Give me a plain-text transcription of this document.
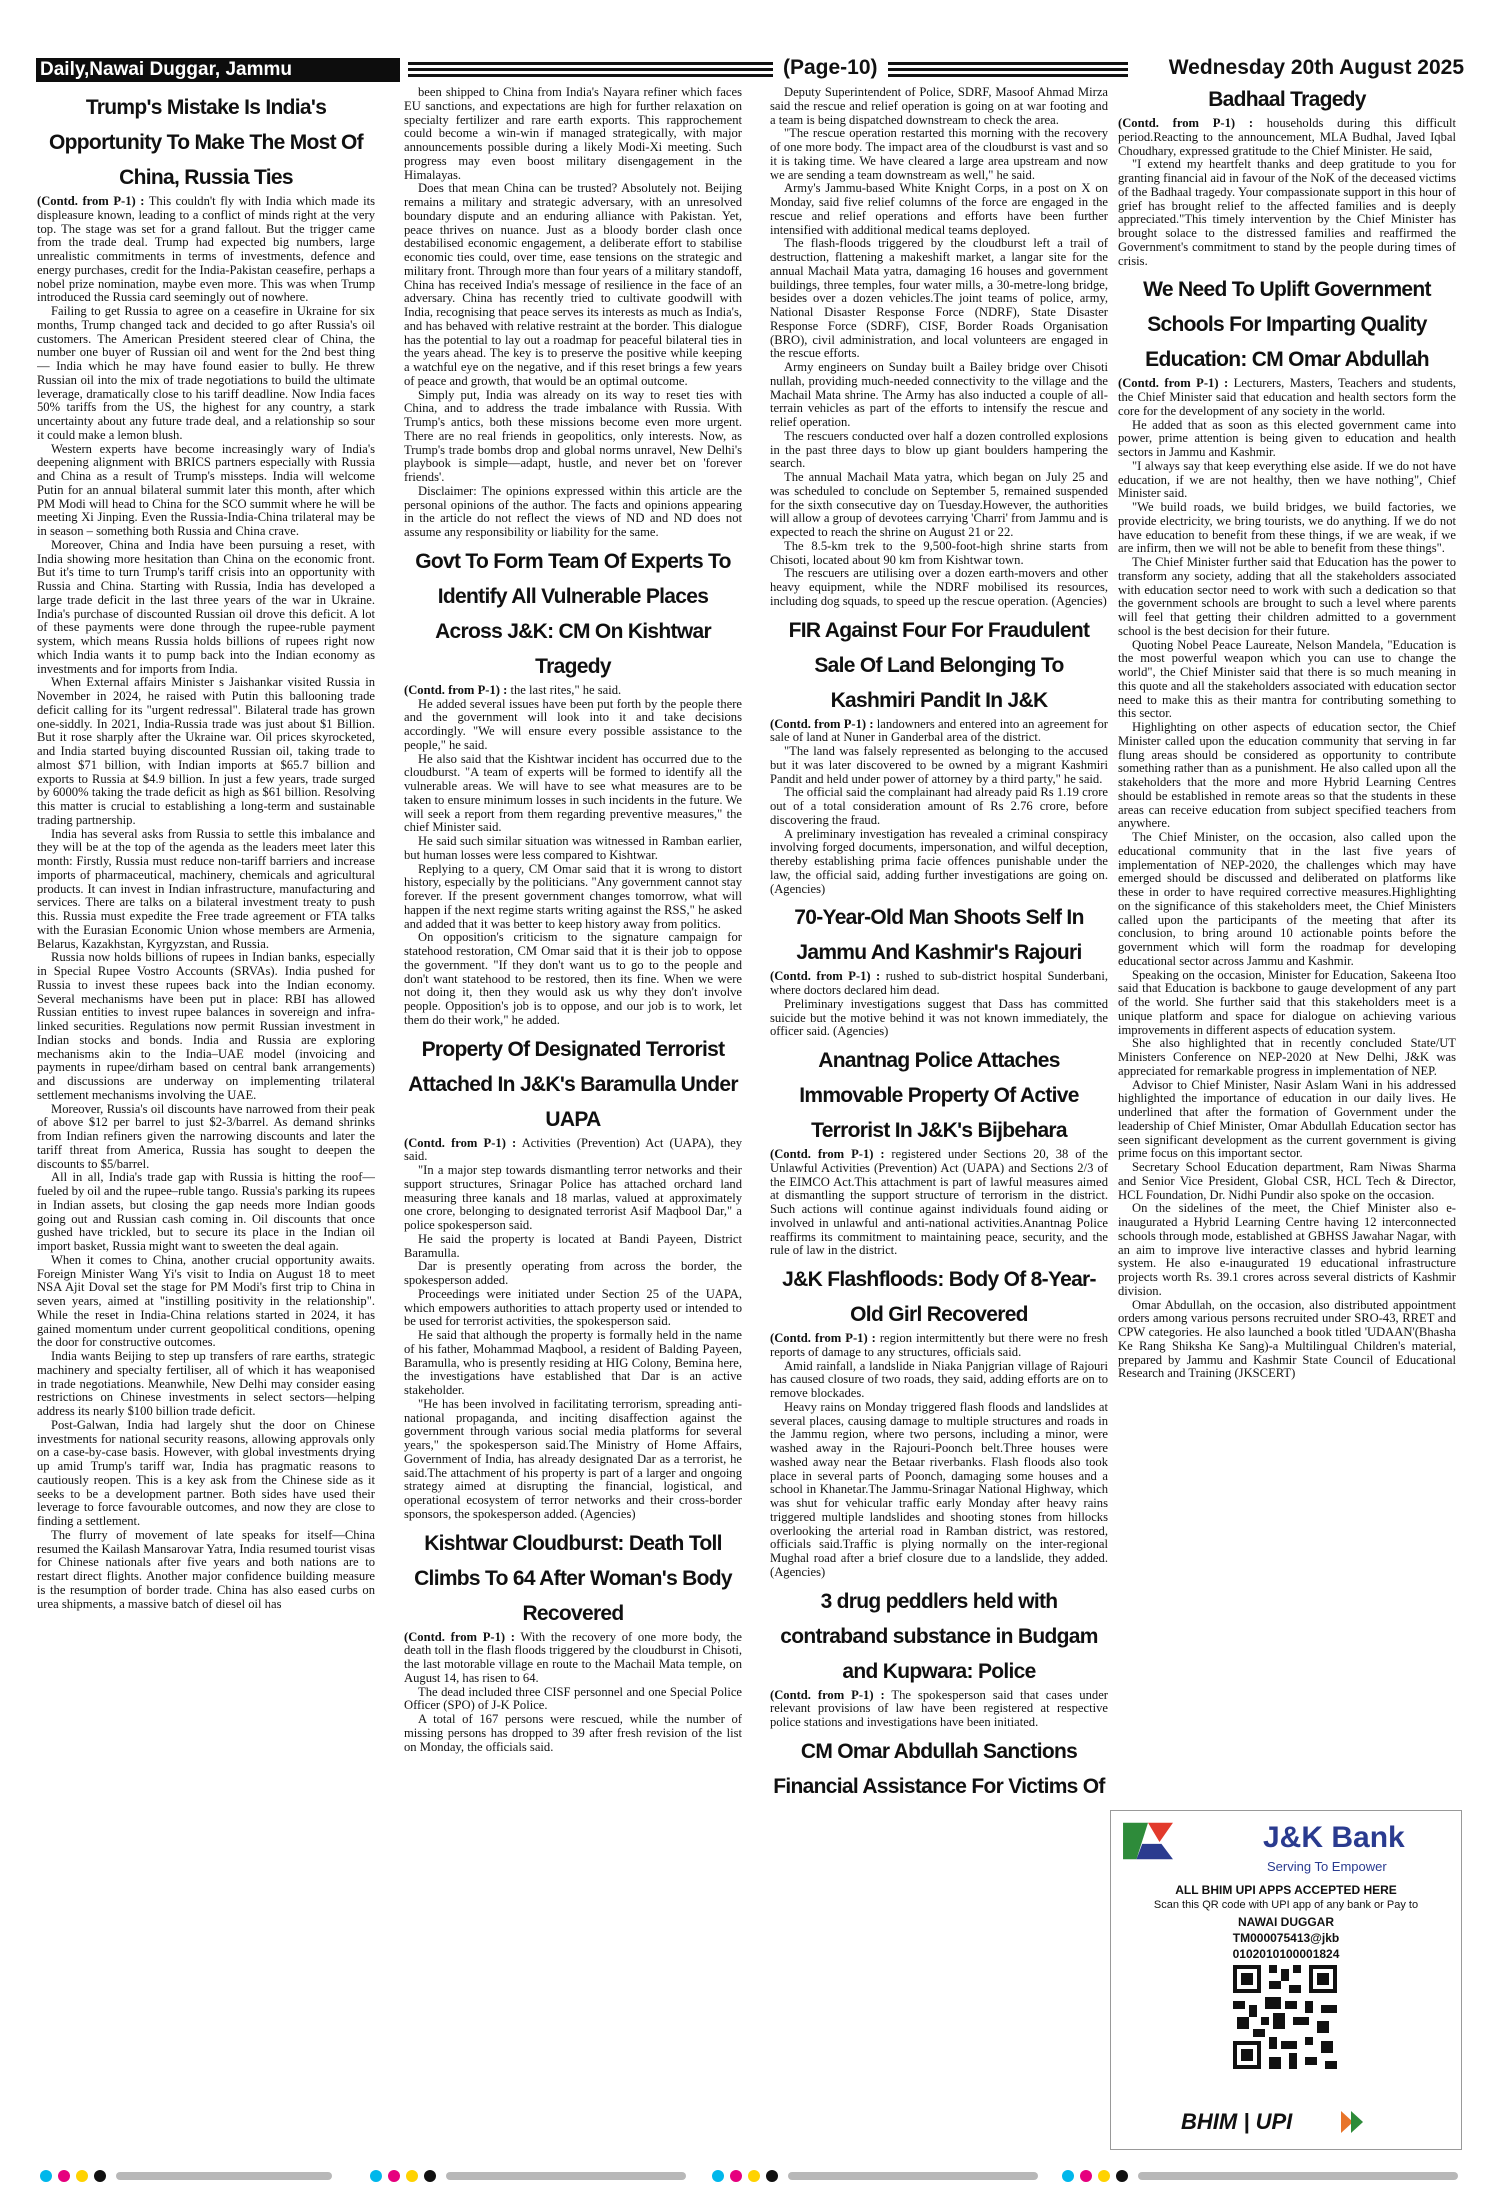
Daily,Nawai Duggar, Jammu	(Page-10)	Wednesday 20th August 2025
Trump's Mistake Is India's Opportunity To Make The Most Of China, Russia Ties

(Contd. from P-1) : This couldn't fly with India which made its displeasure known, leading to a conflict of minds right at the very top. The stage was set for a grand fallout. But the trigger came from the trade deal. Trump had expected big numbers, large unrealistic commitments in terms of investments, defence and energy purchases, credit for the India-Pakistan ceasefire, perhaps a nobel prize nomination, maybe even more. This was when Trump introduced the Russia card seemingly out of nowhere.

Failing to get Russia to agree on a ceasefire in Ukraine for six months, Trump changed tack and decided to go after Russia's oil customers. The American President steered clear of China, the number one buyer of Russian oil and went for the 2nd best thing — India which he may have found easier to bully. He threw Russian oil into the mix of trade negotiations to build the ultimate leverage, dramatically close to his tariff deadline. Now India faces 50% tariffs from the US, the highest for any country, a stark uncertainty about any future trade deal, and a relationship so sour it could make a lemon blush.

Western experts have become increasingly wary of India's deepening alignment with BRICS partners especially with Russia and China as a result of Trump's missteps. India will welcome Putin for an annual bilateral summit later this month, after which PM Modi will head to China for the SCO summit where he will be meeting Xi Jinping. Even the Russia-India-China trilateral may be in season – something both Russia and China crave.

Moreover, China and India have been pursuing a reset, with India showing more hesitation than China on the economic front. But it's time to turn Trump's tariff crisis into an opportunity with Russia and China. Starting with Russia, India has developed a large trade deficit in the last three years of the war in Ukraine. India's purchase of discounted Russian oil drove this deficit. A lot of these payments were done through the rupee-ruble payment system, which means Russia holds billions of rupees right now which India wants it to pump back into the Indian economy as investments and for imports from India.

When External affairs Minister s Jaishankar visited Russia in November in 2024, he raised with Putin this ballooning trade deficit calling for its "urgent redressal". Bilateral trade has grown one-siddly. In 2021, India-Russia trade was just about $1 Billion. But it rose sharply after the Ukraine war. Oil prices skyrocketed, and India started buying discounted Russian oil, taking trade to almost $71 billion, with Indian imports at $65.7 billion and exports to Russia at $4.9 billion. In just a few years, trade surged by 6000% taking the trade deficit as high as $61 billion. Resolving this matter is crucial to establishing a long-term and sustainable trading partnership.

India has several asks from Russia to settle this imbalance and they will be at the top of the agenda as the leaders meet later this month: Firstly, Russia must reduce non-tariff barriers and increase imports of pharmaceutical, machinery, chemicals and agricultural products. It can invest in Indian infrastructure, manufacturing and services. There are talks on a bilateral investment treaty to push this. Russia must expedite the Free trade agreement or FTA talks with the Eurasian Economic Union whose members are Armenia, Belarus, Kazakhstan, Kyrgyzstan, and Russia.

Russia now holds billions of rupees in Indian banks, especially in Special Rupee Vostro Accounts (SRVAs). India pushed for Russia to invest these rupees back into the Indian economy. Several mechanisms have been put in place: RBI has allowed Russian entities to invest rupee balances in sovereign and infra-linked securities. Regulations now permit Russian investment in Indian stocks and bonds. India and Russia are exploring mechanisms akin to the India–UAE model (invoicing and payments in rupee/dirham based on central bank arrangements) and discussions are underway on implementing trilateral settlement mechanisms involving the UAE.

Moreover, Russia's oil discounts have narrowed from their peak of above $12 per barrel to just $2-3/barrel. As demand shrinks from Indian refiners given the narrowing discounts and later the tariff threat from America, Russia has sought to deepen the discounts to $5/barrel.

All in all, India's trade gap with Russia is hitting the roof—fueled by oil and the rupee–ruble tango. Russia's parking its rupees in Indian assets, but closing the gap needs more Indian goods going out and Russian cash coming in. Oil discounts that once gushed have trickled, but to secure its place in the Indian oil import basket, Russia might want to sweeten the deal again.

When it comes to China, another crucial opportunity awaits. Foreign Minister Wang Yi's visit to India on August 18 to meet NSA Ajit Doval set the stage for PM Modi's first trip to China in seven years, aimed at "instilling positivity in the relationship". While the reset in India-China relations started in 2024, it has gained momentum under current geopolitical conditions, opening the door for constructive outcomes.

India wants Beijing to step up transfers of rare earths, strategic machinery and specialty fertiliser, all of which it has weaponised in trade negotiations. Meanwhile, New Delhi may consider easing restrictions on Chinese investments in select sectors—helping address its nearly $100 billion trade deficit.

Post-Galwan, India had largely shut the door on Chinese investments for national security reasons, allowing approvals only on a case-by-case basis. However, with global investments drying up amid Trump's tariff war, India has pragmatic reasons to cautiously reopen. This is a key ask from the Chinese side as it seeks to be a development partner. Both sides have used their leverage to force favourable outcomes, and now they are close to finding a settlement.

The flurry of movement of late speaks for itself—China resumed the Kailash Mansarovar Yatra, India resumed tourist visas for Chinese nationals after five years and both nations are to restart direct flights. Another major confidence building measure is the resumption of border trade. China has also eased curbs on urea shipments, a massive batch of diesel oil has

been shipped to China from India's Nayara refiner which faces EU sanctions, and expectations are high for further relaxation on specialty fertilizer and rare earth exports. This rapprochement could become a win-win if managed strategically, with major announcements possible during a likely Modi-Xi meeting. Such progress may even boost military disengagement in the Himalayas.

Does that mean China can be trusted? Absolutely not. Beijing remains a military and strategic adversary, with an unresolved boundary dispute and an enduring alliance with Pakistan. Yet, peace thrives on nuance. Just as a bloody border clash once destabilised economic engagement, a deliberate effort to stabilise economic ties could, over time, ease tensions on the strategic and military front. Through more than four years of a military standoff, China has received India's message of resilience in the face of an adversary. China has recently tried to cultivate goodwill with India, recognising that peace serves its interests as much as India's, and has behaved with relative restraint at the border. This dialogue has the potential to lay out a roadmap for peaceful bilateral ties in the years ahead. The key is to preserve the positive while keeping a watchful eye on the negative, and if this reset brings a few years of peace and growth, that would be an optimal outcome.

Simply put, India was already on its way to reset ties with China, and to address the trade imbalance with Russia. With Trump's antics, both these missions become even more urgent. There are no real friends in geopolitics, only interests. Now, as Trump's trade bombs drop and global norms unravel, New Delhi's playbook is simple—adapt, hustle, and never bet on 'forever friends'.

Disclaimer: The opinions expressed within this article are the personal opinions of the author. The facts and opinions appearing in the article do not reflect the views of ND and ND does not assume any responsibility or liability for the same.

Govt To Form Team Of Experts To Identify All Vulnerable Places Across J&K: CM On Kishtwar Tragedy

(Contd. from P-1) : the last rites," he said.

He added several issues have been put forth by the people there and the government will look into it and take decisions accordingly. "We will ensure every possible assistance to the people," he said.

He also said that the Kishtwar incident has occurred due to the cloudburst. "A team of experts will be formed to identify all the vulnerable areas. We will have to see what measures are to be taken to ensure minimum losses in such incidents in the future. We will seek a report from them regarding preventive measures," the chief Minister said.

He said such similar situation was witnessed in Ramban earlier, but human losses were less compared to Kishtwar.

Replying to a query, CM Omar said that it is wrong to distort history, especially by the politicians. "Any government cannot stay forever. If the present government changes tomorrow, what will happen if the next regime starts writing against the RSS," he asked and added that it was better to keep history away from politics.

On opposition's criticism to the signature campaign for statehood restoration, CM Omar said that it is their job to oppose the government. "If they don't want us to go to the people and don't want statehood to be restored, then its fine. When we were not doing it, then they would ask us why they don't involve people. Opposition's job is to oppose, and our job is to work, let them do their work," he added.

Property Of Designated Terrorist Attached In J&K's Baramulla Under UAPA

(Contd. from P-1) : Activities (Prevention) Act (UAPA), they said.

"In a major step towards dismantling terror networks and their support structures, Srinagar Police has attached orchard land measuring three kanals and 18 marlas, valued at approximately one crore, belonging to designated terrorist Asif Maqbool Dar," a police spokesperson said.

He said the property is located at Bandi Payeen, District Baramulla.

Dar is presently operating from across the border, the spokesperson added.

Proceedings were initiated under Section 25 of the UAPA, which empowers authorities to attach property used or intended to be used for terrorist activities, the spokesperson said.

He said that although the property is formally held in the name of his father, Mohammad Maqbool, a resident of Balding Payeen, Baramulla, who is presently residing at HIG Colony, Bemina here, the investigations have established that Dar is an active stakeholder.

"He has been involved in facilitating terrorism, spreading anti-national propaganda, and inciting disaffection against the government through various social media platforms for several years," the spokesperson said.The Ministry of Home Affairs, Government of India, has already designated Dar as a terrorist, he said.The attachment of his property is part of a larger and ongoing strategy aimed at disrupting the financial, logistical, and operational ecosystem of terror networks and their cross-border sponsors, the spokesperson added. (Agencies)

Kishtwar Cloudburst: Death Toll Climbs To 64 After Woman's Body Recovered

(Contd. from P-1) : With the recovery of one more body, the death toll in the flash floods triggered by the cloudburst in Chisoti, the last motorable village en route to the Machail Mata temple, on August 14, has risen to 64.

The dead included three CISF personnel and one Special Police Officer (SPO) of J-K Police.

A total of 167 persons were rescued, while the number of missing persons has dropped to 39 after fresh revision of the list on Monday, the officials said.

Deputy Superintendent of Police, SDRF, Masoof Ahmad Mirza said the rescue and relief operation is going on at war footing and a team is being dispatched downstream to check the area.

"The rescue operation restarted this morning with the recovery of one more body. The impact area of the cloudburst is vast and so it is taking time. We have cleared a large area upstream and now we are sending a team downstream as well," he said.

Army's Jammu-based White Knight Corps, in a post on X on Monday, said five relief columns of the force are engaged in the rescue and relief operations and efforts have been further intensified with additional medical teams deployed.

The flash-floods triggered by the cloudburst left a trail of destruction, flattening a makeshift market, a langar site for the annual Machail Mata yatra, damaging 16 houses and government buildings, three temples, four water mills, a 30-metre-long bridge, besides over a dozen vehicles.The joint teams of police, army, National Disaster Response Force (NDRF), State Disaster Response Force (SDRF), CISF, Border Roads Organisation (BRO), civil administration, and local volunteers are engaged in the rescue efforts.

Army engineers on Sunday built a Bailey bridge over Chisoti nullah, providing much-needed connectivity to the village and the Machail Mata shrine. The Army has also inducted a couple of all-terrain vehicles as part of the efforts to intensify the rescue and relief operation.

The rescuers conducted over half a dozen controlled explosions in the past three days to blow up giant boulders hampering the search.

The annual Machail Mata yatra, which began on July 25 and was scheduled to conclude on September 5, remained suspended for the sixth consecutive day on Tuesday.However, the authorities will allow a group of devotees carrying 'Charri' from Jammu and is expected to reach the shrine on August 21 or 22.

The 8.5-km trek to the 9,500-foot-high shrine starts from Chisoti, located about 90 km from Kishtwar town.

The rescuers are utilising over a dozen earth-movers and other heavy equipment, while the NDRF mobilised its resources, including dog squads, to speed up the rescue operation. (Agencies)

FIR Against Four For Fraudulent Sale Of Land Belonging To Kashmiri Pandit In J&K

(Contd. from P-1) : landowners and entered into an agreement for sale of land at Nuner in Ganderbal area of the district.

"The land was falsely represented as belonging to the accused but it was later discovered to be owned by a migrant Kashmiri Pandit and held under power of attorney by a third party," he said.

The official said the complainant had already paid Rs 1.19 crore out of a total consideration amount of Rs 2.76 crore, before discovering the fraud.

A preliminary investigation has revealed a criminal conspiracy involving forged documents, impersonation, and wilful deception, thereby establishing prima facie offences punishable under the law, the official said, adding further investigations are going on. (Agencies)

70-Year-Old Man Shoots Self In Jammu And Kashmir's Rajouri

(Contd. from P-1) : rushed to sub-district hospital Sunderbani, where doctors declared him dead.

Preliminary investigations suggest that Dass has committed suicide but the motive behind it was not known immediately, the officer said. (Agencies)

Anantnag Police Attaches Immovable Property Of Active Terrorist In J&K's Bijbehara

(Contd. from P-1) : registered under Sections 20, 38 of the Unlawful Activities (Prevention) Act (UAPA) and Sections 2/3 of the EIMCO Act.This attachment is part of lawful measures aimed at dismantling the support structure of terrorism in the district. Such actions will continue against individuals found aiding or involved in unlawful and anti-national activities.Anantnag Police reaffirms its commitment to maintaining peace, security, and the rule of law in the district.

J&K Flashfloods: Body Of 8-Year-Old Girl Recovered

(Contd. from P-1) : region intermittently but there were no fresh reports of damage to any structures, officials said.

Amid rainfall, a landslide in Niaka Panjgrian village of Rajouri has caused closure of two roads, they said, adding efforts are on to remove blockades.

Heavy rains on Monday triggered flash floods and landslides at several places, causing damage to multiple structures and roads in the Jammu region, where two persons, including a minor, were washed away in the Rajouri-Poonch belt.Three houses were washed away near the Betaar riverbanks. Flash floods also took place in several parts of Poonch, damaging some houses and a school in Khanetar.The Jammu-Srinagar National Highway, which was shut for vehicular traffic early Monday after heavy rains triggered multiple landslides and shooting stones from hillocks overlooking the arterial road in Ramban district, was restored, officials said.Traffic is plying normally on the inter-regional Mughal road after a brief closure due to a landslide, they added. (Agencies)

3 drug peddlers held with contraband substance in Budgam and Kupwara: Police

(Contd. from P-1) : The spokesperson said that cases under relevant provisions of law have been registered at respective police stations and investigations have been initiated.

CM Omar Abdullah Sanctions Financial Assistance For Victims Of
Badhaal Tragedy

(Contd. from P-1) : households during this difficult period.Reacting to the announcement, MLA Budhal, Javed Iqbal Choudhary, expressed gratitude to the Chief Minister. He said,

"I extend my heartfelt thanks and deep gratitude to you for granting financial aid in favour of the NoK of the deceased victims of the Badhaal tragedy. Your compassionate support in this hour of grief has brought relief to the affected families and is deeply appreciated."This timely intervention by the Chief Minister has brought solace to the distressed families and reaffirmed the Government's commitment to stand by the people during times of crisis.

We Need To Uplift Government Schools For Imparting Quality Education: CM Omar Abdullah

(Contd. from P-1) : Lecturers, Masters, Teachers and students, the Chief Minister said that education and health sectors form the core for the development of any society in the world.

He added that as soon as this elected government came into power, prime attention is being given to education and health sectors in Jammu and Kashmir.

"I always say that keep everything else aside. If we do not have education, if we are not healthy, then we have nothing", Chief Minister said.

"We build roads, we build bridges, we build factories, we provide electricity, we bring tourists, we do anything. If we do not have education to benefit from these things, if we are weak, if we are infirm, then we will not be able to benefit from these things".

The Chief Minister further said that Education has the power to transform any society, adding that all the stakeholders associated with education sector need to work with such a dedication so that the government schools are brought to such a level where parents will feel that getting their children admitted to a government school is the best decision for their future.

Quoting Nobel Peace Laureate, Nelson Mandela, "Education is the most powerful weapon which you can use to change the world", the Chief Minister said that there is so much meaning in this quote and all the stakeholders associated with education sector need to make this as their mantra for contributing something to this sector.

Highlighting on other aspects of education sector, the Chief Minister called upon the education community that serving in far flung areas should be considered as opportunity to contribute something rather than as a punishment. He also called upon all the stakeholders that the more and more Hybrid Learning Centres should be established in remote areas so that the students in these areas can receive education from subject specified teachers from anywhere.

The Chief Minister, on the occasion, also called upon the educational community that in the last five years of implementation of NEP-2020, the challenges which may have emerged should be discussed and deliberated on platforms like these in order to have required corrective measures.Highlighting on the significance of this stakeholders meet, the Chief Ministers called upon the participants of the meeting that after its conclusion, to bring around 10 actionable points before the government which will form the roadmap for developing educational sector across Jammu and Kashmir.

Speaking on the occasion, Minister for Education, Sakeena Itoo said that Education is backbone to gauge development of any part of the world. She further said that this stakeholders meet is a unique platform and space for dialogue on achieving various improvements in different aspects of education system.

She also highlighted that in recently concluded State/UT Ministers Conference on NEP-2020 at New Delhi, J&K was appreciated for remarkable progress in implementation of NEP.

Advisor to Chief Minister, Nasir Aslam Wani in his addressed highlighted the importance of education in our daily lives. He underlined that after the formation of Government under the leadership of Chief Minister, Omar Abdullah Education sector has seen significant development as the current government is giving prime focus on this important sector.

Secretary School Education department, Ram Niwas Sharma and Senior Vice President, Global CSR, HCL Tech & Director, HCL Foundation, Dr. Nidhi Pundir also spoke on the occasion.

On the sidelines of the meet, the Chief Minister also e-inaugurated a Hybrid Learning Centre having 12 interconnected schools through mode, established at GBHSS Jawahar Nagar, with an aim to improve live interactive classes and hybrid learning system. He also e-inaugurated 19 educational infrastructure projects worth Rs. 39.1 crores across several districts of Kashmir division.

Omar Abdullah, on the occasion, also distributed appointment orders among various persons recruited under SRO-43, RRET and CPW categories. He also launched a book titled 'UDAAN'(Bhasha Ke Rang Shiksha Ke Sang)-a Multilingual Children's material, prepared by Jammu and Kashmir State Council of Educational Research and Training (JKSCERT)

J&K Bank
Serving To Empower
ALL BHIM UPI APPS ACCEPTED HERE
Scan this QR code with UPI app of any bank or Pay to
NAWAI DUGGAR
TM000075413@jkb
0102010100001824
BHIM | UPI
